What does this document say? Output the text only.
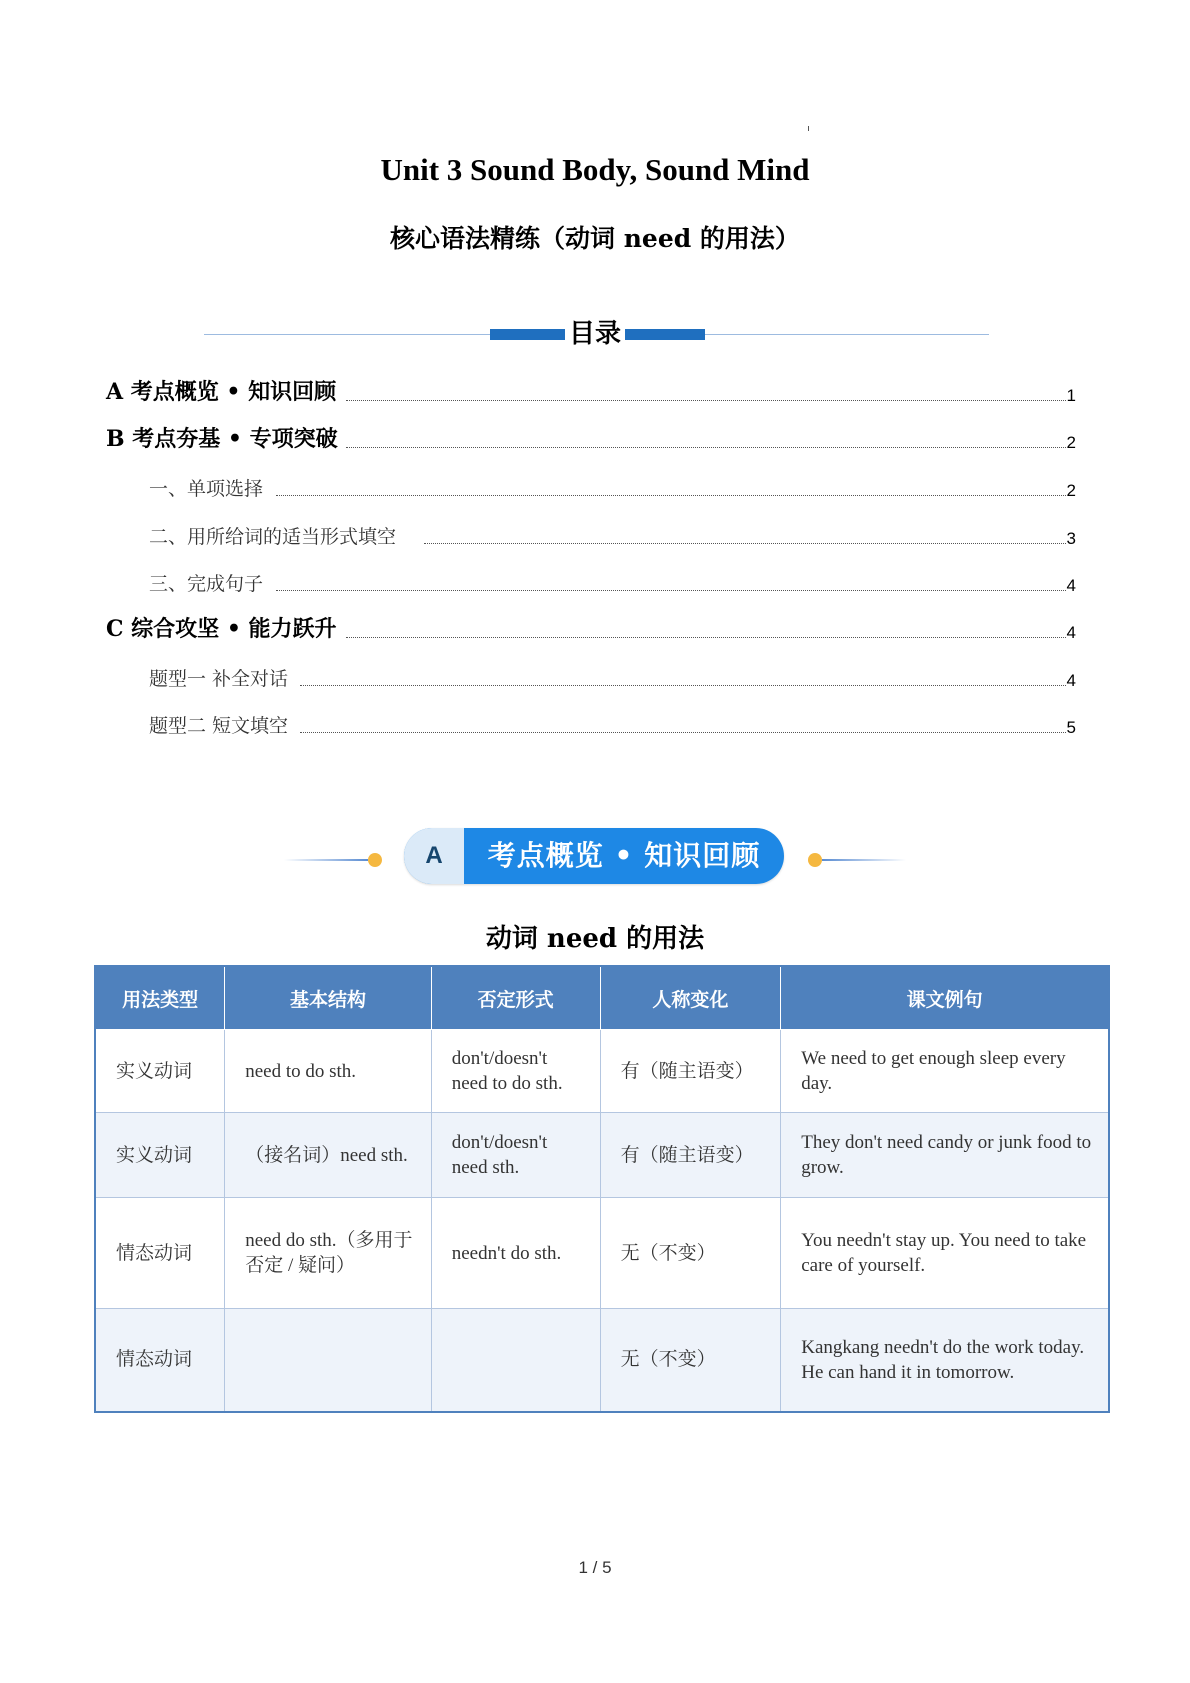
Unit 3 Sound Body, Sound Mind
核心语法精练（动词 need 的用法）
目录
A 考点概览 • 知识回顾	1
B 考点夯基 • 专项突破	2
一、单项选择	2
二、用所给词的适当形式填空	3
三、完成句子	4
C 综合攻坚 • 能力跃升	4
题型一 补全对话	4
题型二 短文填空	5
A	考点概览 • 知识回顾
动词 need 的用法
用法类型	基本结构	否定形式	人称变化	课文例句
实义动词	need to do sth.	don't/doesn't need to do sth.	有（随主语变）	We need to get enough sleep every day.
实义动词	（接名词）need sth.	don't/doesn't need sth.	有（随主语变）	They don't need candy or junk food to grow.
情态动词	need do sth.（多用于否定 / 疑问）	needn't do sth.	无（不变）	You needn't stay up. You need to take care of yourself.
情态动词			无（不变）	Kangkang needn't do the work today. He can hand it in tomorrow.
1 / 5
